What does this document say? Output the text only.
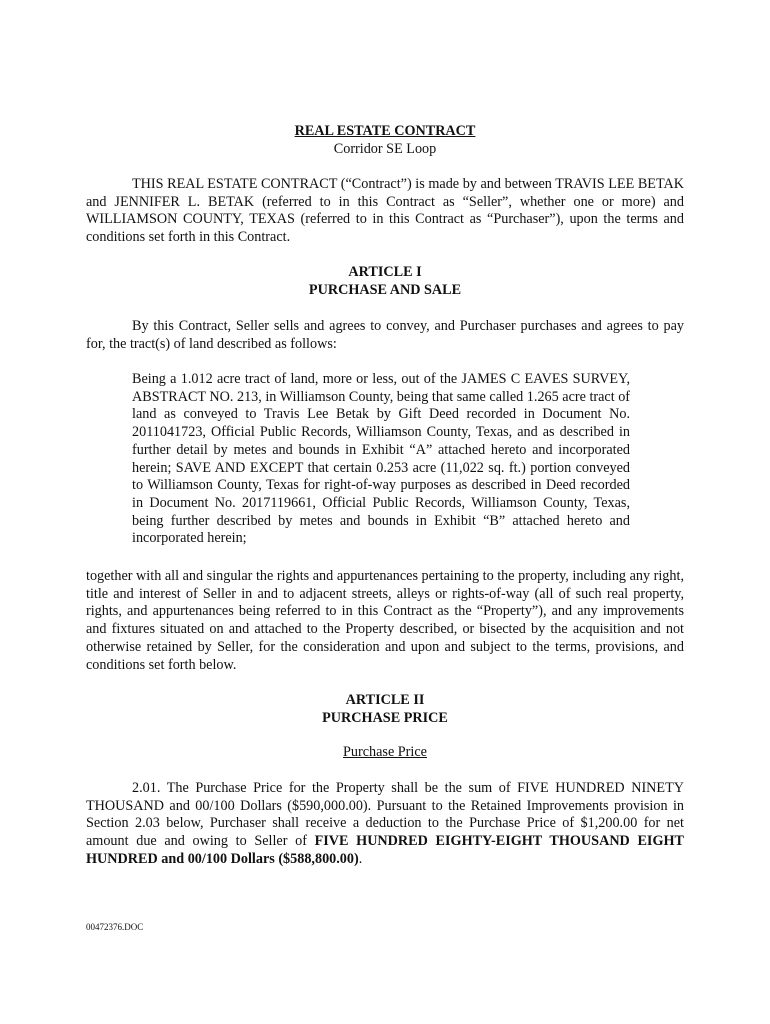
REAL ESTATE CONTRACT
Corridor SE Loop

THIS REAL ESTATE CONTRACT (“Contract”) is made by and between TRAVIS LEE BETAK and JENNIFER L. BETAK (referred to in this Contract as “Seller”, whether one or more) and WILLIAMSON COUNTY, TEXAS (referred to in this Contract as “Purchaser”), upon the terms and conditions set forth in this Contract.

ARTICLE I
PURCHASE AND SALE

By this Contract, Seller sells and agrees to convey, and Purchaser purchases and agrees to pay for, the tract(s) of land described as follows:

Being a 1.012 acre tract of land, more or less, out of the JAMES C EAVES SURVEY, ABSTRACT NO. 213, in Williamson County, being that same called 1.265 acre tract of land as conveyed to Travis Lee Betak by Gift Deed recorded in Document No. 2011041723, Official Public Records, Williamson County, Texas, and as described in further detail by metes and bounds in Exhibit “A” attached hereto and incorporated herein; SAVE AND EXCEPT that certain 0.253 acre (11,022 sq. ft.) portion conveyed to Williamson County, Texas for right-of-way purposes as described in Deed recorded in Document No. 2017119661, Official Public Records, Williamson County, Texas, being further described by metes and bounds in Exhibit “B” attached hereto and incorporated herein;

together with all and singular the rights and appurtenances pertaining to the property, including any right, title and interest of Seller in and to adjacent streets, alleys or rights-of-way (all of such real property, rights, and appurtenances being referred to in this Contract as the “Property”), and any improvements and fixtures situated on and attached to the Property described, or bisected by the acquisition and not otherwise retained by Seller, for the consideration and upon and subject to the terms, provisions, and conditions set forth below.

ARTICLE II
PURCHASE PRICE
Purchase Price

2.01. The Purchase Price for the Property shall be the sum of FIVE HUNDRED NINETY THOUSAND and 00/100 Dollars ($590,000.00). Pursuant to the Retained Improvements provision in Section 2.03 below, Purchaser shall receive a deduction to the Purchase Price of $1,200.00 for net amount due and owing to Seller of FIVE HUNDRED EIGHTY-EIGHT THOUSAND EIGHT HUNDRED and 00/100 Dollars ($588,800.00).

00472376.DOC
